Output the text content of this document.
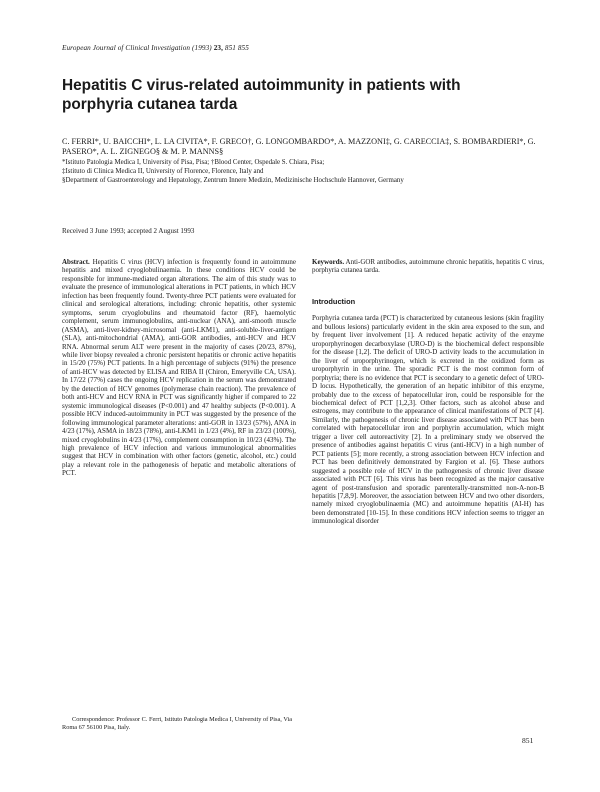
European Journal of Clinical Investigation (1993) 23, 851 855
Hepatitis C virus-related autoimmunity in patients with porphyria cutanea tarda
C. FERRI*, U. BAICCHI*, L. LA CIVITA*, F. GRECO†, G. LONGOMBARDO*, A. MAZZONI‡, G. CARECCIA‡, S. BOMBARDIERI*, G. PASERO*, A. L. ZIGNEGO§ & M. P. MANNS§
*Istituto Patologia Medica I, University of Pisa, Pisa; †Blood Center, Ospedale S. Chiara, Pisa;
‡Istituto di Clinica Medica II, University of Florence, Florence, Italy and
§Department of Gastroenterology and Hepatology, Zentrum Innere Medizin, Medizinische Hochschule Hannover, Germany
Received 3 June 1993; accepted 2 August 1993

Abstract. Hepatitis C virus (HCV) infection is frequently found in autoimmune hepatitis and mixed cryoglobulinaemia. In these conditions HCV could be responsible for immune-mediated organ alterations. The aim of this study was to evaluate the presence of immunological alterations in PCT patients, in which HCV infection has been frequently found. Twenty-three PCT patients were evaluated for clinical and serological alterations, including: chronic hepatitis, other systemic symptoms, serum cryoglobulins and rheumatoid factor (RF), haemolytic complement, serum immunoglobulins, anti-nuclear (ANA), anti-smooth muscle (ASMA), anti-liver-kidney-microsomal (anti-LKM1), anti-soluble-liver-antigen (SLA), anti-mitochondrial (AMA), anti-GOR antibodies, anti-HCV and HCV RNA. Abnormal serum ALT were present in the majority of cases (20/23, 87%), while liver biopsy revealed a chronic persistent hepatitis or chronic active hepatitis in 15/20 (75%) PCT patients. In a high percentage of subjects (91%) the presence of anti-HCV was detected by ELISA and RIBA II (Chiron, Emeryville CA, USA). In 17/22 (77%) cases the ongoing HCV replication in the serum was demonstrated by the detection of HCV genomes (polymerase chain reaction). The prevalence of both anti-HCV and HCV RNA in PCT was significantly higher if compared to 22 systemic immunological diseases (P<0.001) and 47 healthy subjects (P<0.001). A possible HCV induced-autoimmunity in PCT was suggested by the presence of the following immunological parameter alterations: anti-GOR in 13/23 (57%), ANA in 4/23 (17%), ASMA in 18/23 (78%), anti-LKM1 in 1/23 (4%), RF in 23/23 (100%), mixed cryoglobulins in 4/23 (17%), complement consumption in 10/23 (43%). The high prevalence of HCV infection and various immunological abnormalities suggest that HCV in combination with other factors (genetic, alcohol, etc.) could play a relevant role in the pathogenesis of hepatic and metabolic alterations of PCT.

Correspondence: Professor C. Ferri, Istituto Patologia Medica I, University of Pisa, Via Roma 67 56100 Pisa, Italy.
Keywords. Anti-GOR antibodies, autoimmune chronic hepatitis, hepatitis C virus, porphyria cutanea tarda.
Introduction

Porphyria cutanea tarda (PCT) is characterized by cutaneous lesions (skin fragility and bullous lesions) particularly evident in the skin area exposed to the sun, and by frequent liver involvement [1]. A reduced hepatic activity of the enzyme uroporphyrinogen decarboxylase (URO-D) is the biochemical defect responsible for the disease [1,2]. The deficit of URO-D activity leads to the accumulation in the liver of uroporphyrinogen, which is excreted in the oxidized form as uroporphyrin in the urine. The sporadic PCT is the most common form of porphyria; there is no evidence that PCT is secondary to a genetic defect of URO-D locus. Hypothetically, the generation of an hepatic inhibitor of this enzyme, probably due to the excess of hepatocellular iron, could be responsible for the biochemical defect of PCT [1,2,3]. Other factors, such as alcohol abuse and estrogens, may contribute to the appearance of clinical manifestations of PCT [4]. Similarly, the pathogenesis of chronic liver disease associated with PCT has been correlated with hepatocellular iron and porphyrin accumulation, which might trigger a liver cell autoreactivity [2]. In a preliminary study we observed the presence of antibodies against hepatitis C virus (anti-HCV) in a high number of PCT patients [5]; more recently, a strong association between HCV infection and PCT has been definitively demonstrated by Fargion et al. [6]. These authors suggested a possible role of HCV in the pathogenesis of chronic liver disease associated with PCT [6]. This virus has been recognized as the major causative agent of post-transfusion and sporadic parenterally-transmitted non-A-non-B hepatitis [7,8,9]. Moreover, the association between HCV and two other disorders, namely mixed cryoglobulinaemia (MC) and autoimmune hepatitis (AI-H) has been demonstrated [10-15]. In these conditions HCV infection seems to trigger an immunological disorder

851
